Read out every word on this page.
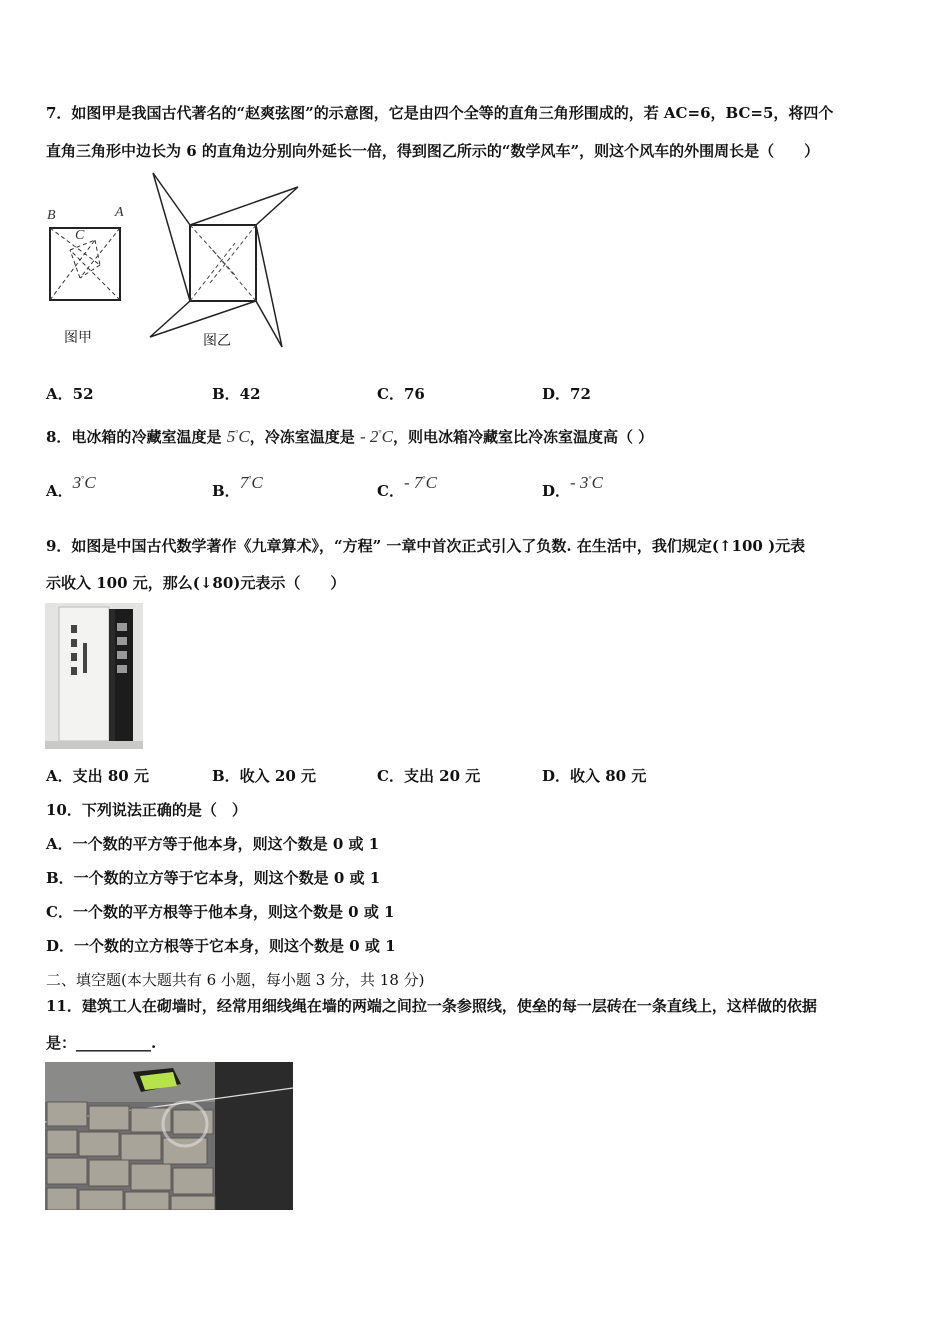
7．如图甲是我国古代著名的“赵爽弦图”的示意图，它是由四个全等的直角三角形围成的，若 AC=6，BC=5，将四个
直角三角形中边长为 6 的直角边分别向外延长一倍，得到图乙所示的“数学风车”，则这个风车的外围周长是（　　）
B	A
C
图甲	图乙
A．52	B．42	C．76	D．72
8．电冰箱的冷藏室温度是 5°C，冷冻室温度是 - 2°C，则电冰箱冷藏室比冷冻室温度高（ ）
A．3°C	B．7°C	C．- 7°C	D．- 3°C
9．如图是中国古代数学著作《九章算术》，“方程” 一章中首次正式引入了负数. 在生活中，我们规定(↑100 )元表
示收入 100 元，那么(↓80)元表示（　　）
A．支出 80 元	B．收入 20 元	C．支出 20 元	D．收入 80 元
10．下列说法正确的是（　）
A．一个数的平方等于他本身，则这个数是 0 或 1
B．一个数的立方等于它本身，则这个数是 0 或 1
C．一个数的平方根等于他本身，则这个数是 0 或 1
D．一个数的立方根等于它本身，则这个数是 0 或 1
二、填空题(本大题共有 6 小题，每小题 3 分，共 18 分)
11．建筑工人在砌墙时，经常用细线绳在墙的两端之间拉一条参照线，使垒的每一层砖在一条直线上，这样做的依据
是：__________.
